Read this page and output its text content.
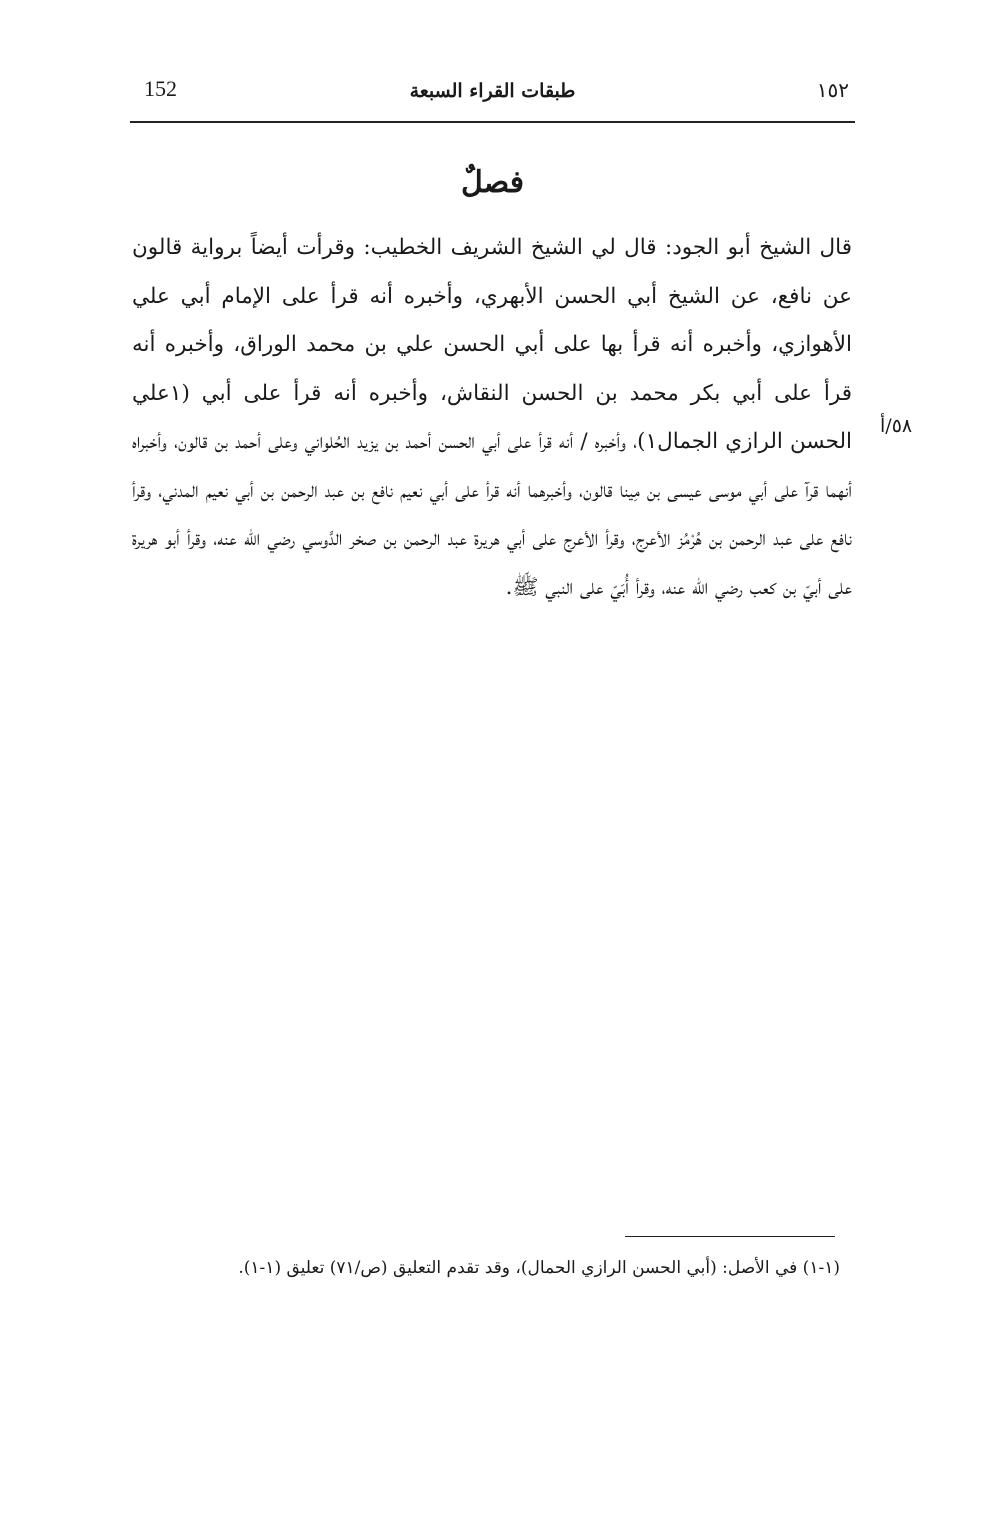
152	طبقات القراء السبعة	١٥٢
فصلٌ

قال الشيخ أبو الجود: قال لي الشيخ الشريف الخطيب: وقرأت أيضاً برواية قالون عن نافع، عن الشيخ أبي الحسن الأبهري، وأخبره أنه قرأ على الإمام أبي علي الأهوازي، وأخبره أنه قرأ بها على أبي الحسن علي بن محمد الوراق، وأخبره أنه قرأ على أبي بكر محمد بن الحسن النقاش، وأخبره أنه قرأ على أبي (١علي الحسن الرازي الجمال١)، وأخبره / أنه قرأ على أبي الحسن أحمد بن يزيد الحُلواني وعلى أحمد بن قالون، وأخبراه أنهما قرآ على أبي موسى عيسى بن مِينا قالون، وأخبرهما أنه قرأ على أبي نعيم نافع بن عبد الرحمن بن أبي نعيم المدني، وقرأ نافع على عبد الرحمن بن هُرْمُز الأعرج، وقرأ الأعرج على أبي هريرة عبد الرحمن بن صخر الدَّوسي رضي الله عنه، وقرأ أبو هريرة على أبيّ بن كعب رضي الله عنه، وقرأ أُبَيّ على النبي ﷺ.

٥٨/أ

(١-١) في الأصل: (أبي الحسن الرازي الحمال)، وقد تقدم التعليق (ص/٧١) تعليق (١-١).
